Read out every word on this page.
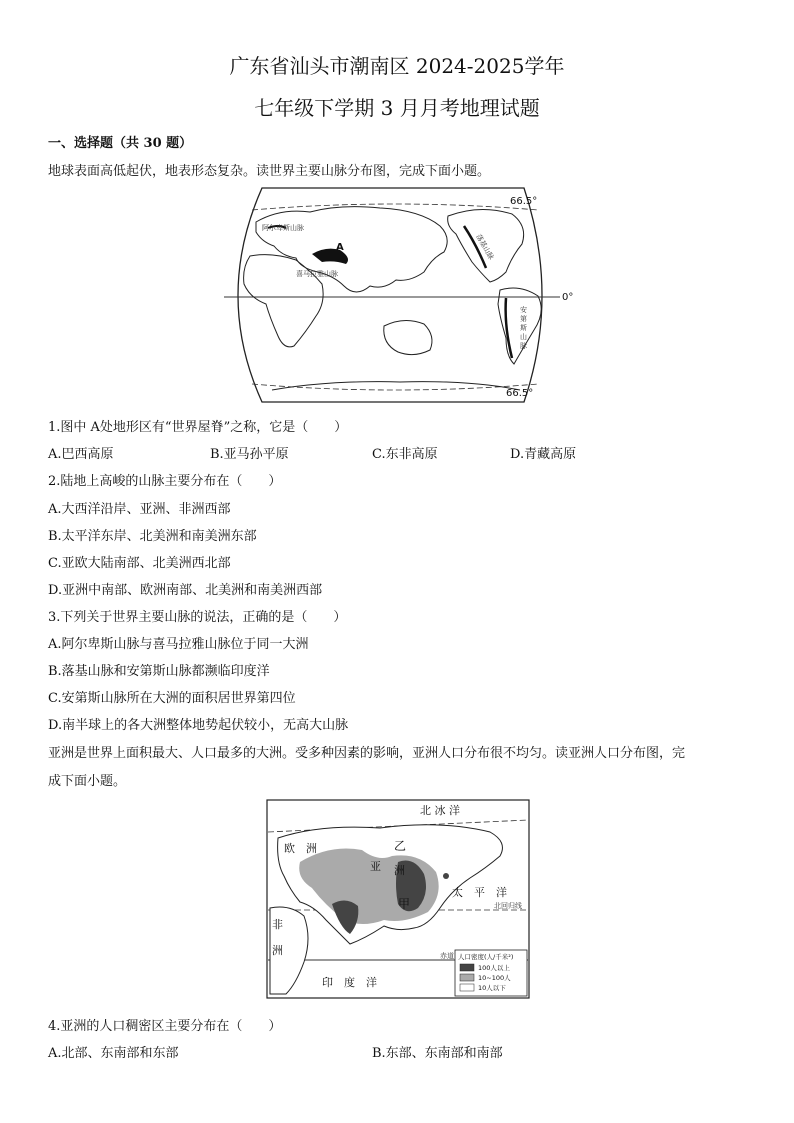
广东省汕头市潮南区 2024-2025学年
七年级下学期 3 月月考地理试题
一、选择题（共 30 题）
地球表面高低起伏，地表形态复杂。读世界主要山脉分布图，完成下面小题。
66.5°
0°
66.5°
阿尔卑斯山脉
喜马拉雅山脉
A	落基山脉
安
第
斯
山
脉
1.图中 A处地形区有“世界屋脊”之称，它是（　　）
A.巴西高原	B.亚马孙平原	C.东非高原	D.青藏高原
2.陆地上高峻的山脉主要分布在（　　）
A.大西洋沿岸、亚洲、非洲西部
B.太平洋东岸、北美洲和南美洲东部
C.亚欧大陆南部、北美洲西北部
D.亚洲中南部、欧洲南部、北美洲和南美洲西部
3.下列关于世界主要山脉的说法，正确的是（　　）
A.阿尔卑斯山脉与喜马拉雅山脉位于同一大洲
B.落基山脉和安第斯山脉都濒临印度洋
C.安第斯山脉所在大洲的面积居世界第四位
D.南半球上的各大洲整体地势起伏较小，无高大山脉
亚洲是世界上面积最大、人口最多的大洲。受多种因素的影响，亚洲人口分布很不均匀。读亚洲人口分布图，完
成下面小题。
北 冰 洋
欧　洲	乙
亚 洲
甲
太　平　洋
非
洲
印　度　洋
北回归线
赤道 人口密度(人/千米²)
100人以上
10~100人
10人以下
4.亚洲的人口稠密区主要分布在（　　）
A.北部、东南部和东部	B.东部、东南部和南部
